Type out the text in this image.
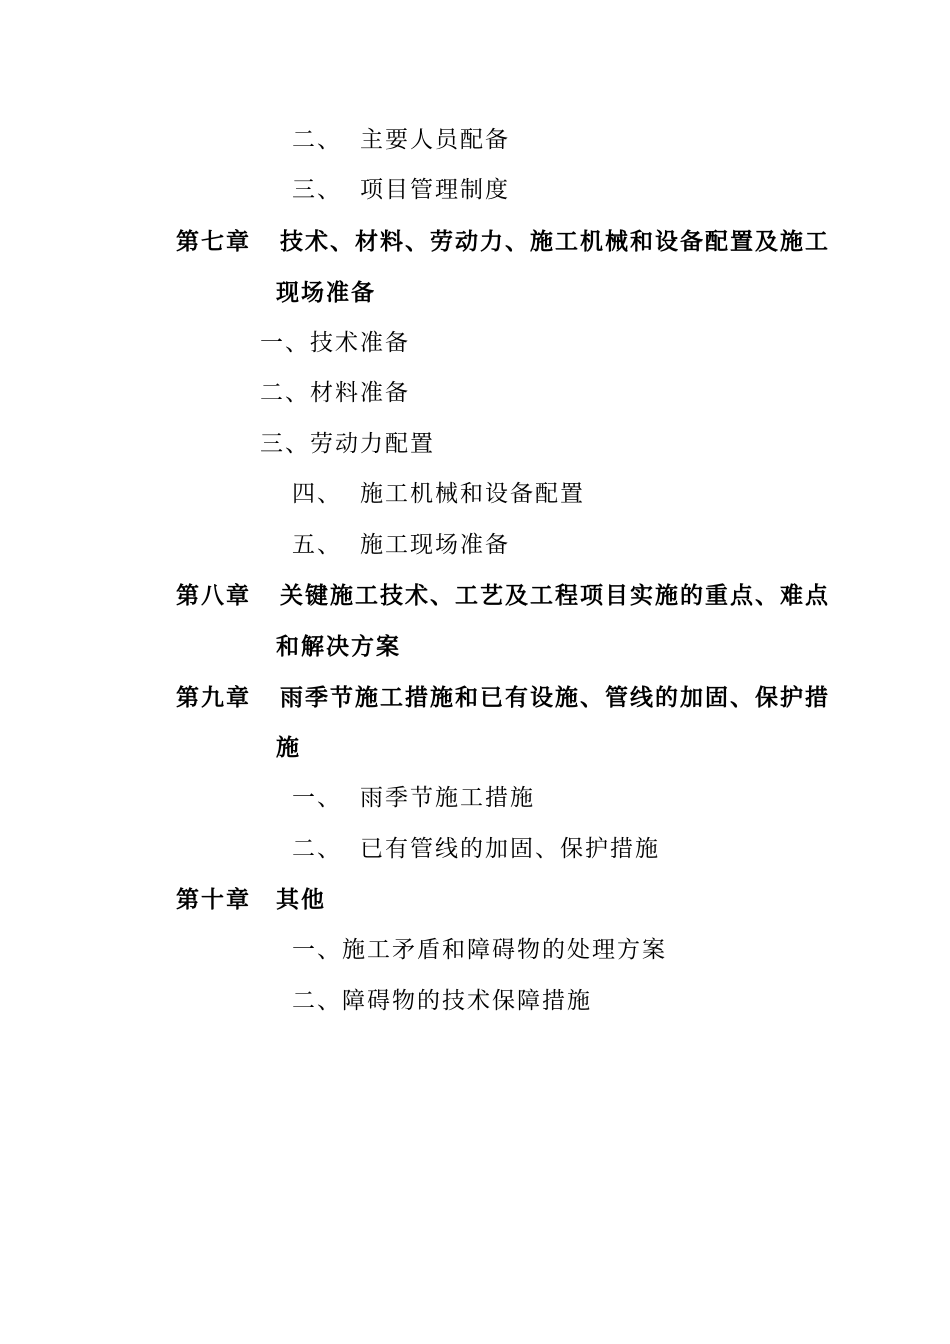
二、 主要人员配备
三、 项目管理制度
第七章 技术、材料、劳动力、施工机械和设备配置及施工
现场准备
一、技术准备
二、材料准备
三、劳动力配置
四、 施工机械和设备配置
五、 施工现场准备
第八章 关键施工技术、工艺及工程项目实施的重点、难点
和解决方案
第九章 雨季节施工措施和已有设施、管线的加固、保护措
施
一、 雨季节施工措施
二、 已有管线的加固、保护措施
第十章 其他
一、施工矛盾和障碍物的处理方案
二、障碍物的技术保障措施
